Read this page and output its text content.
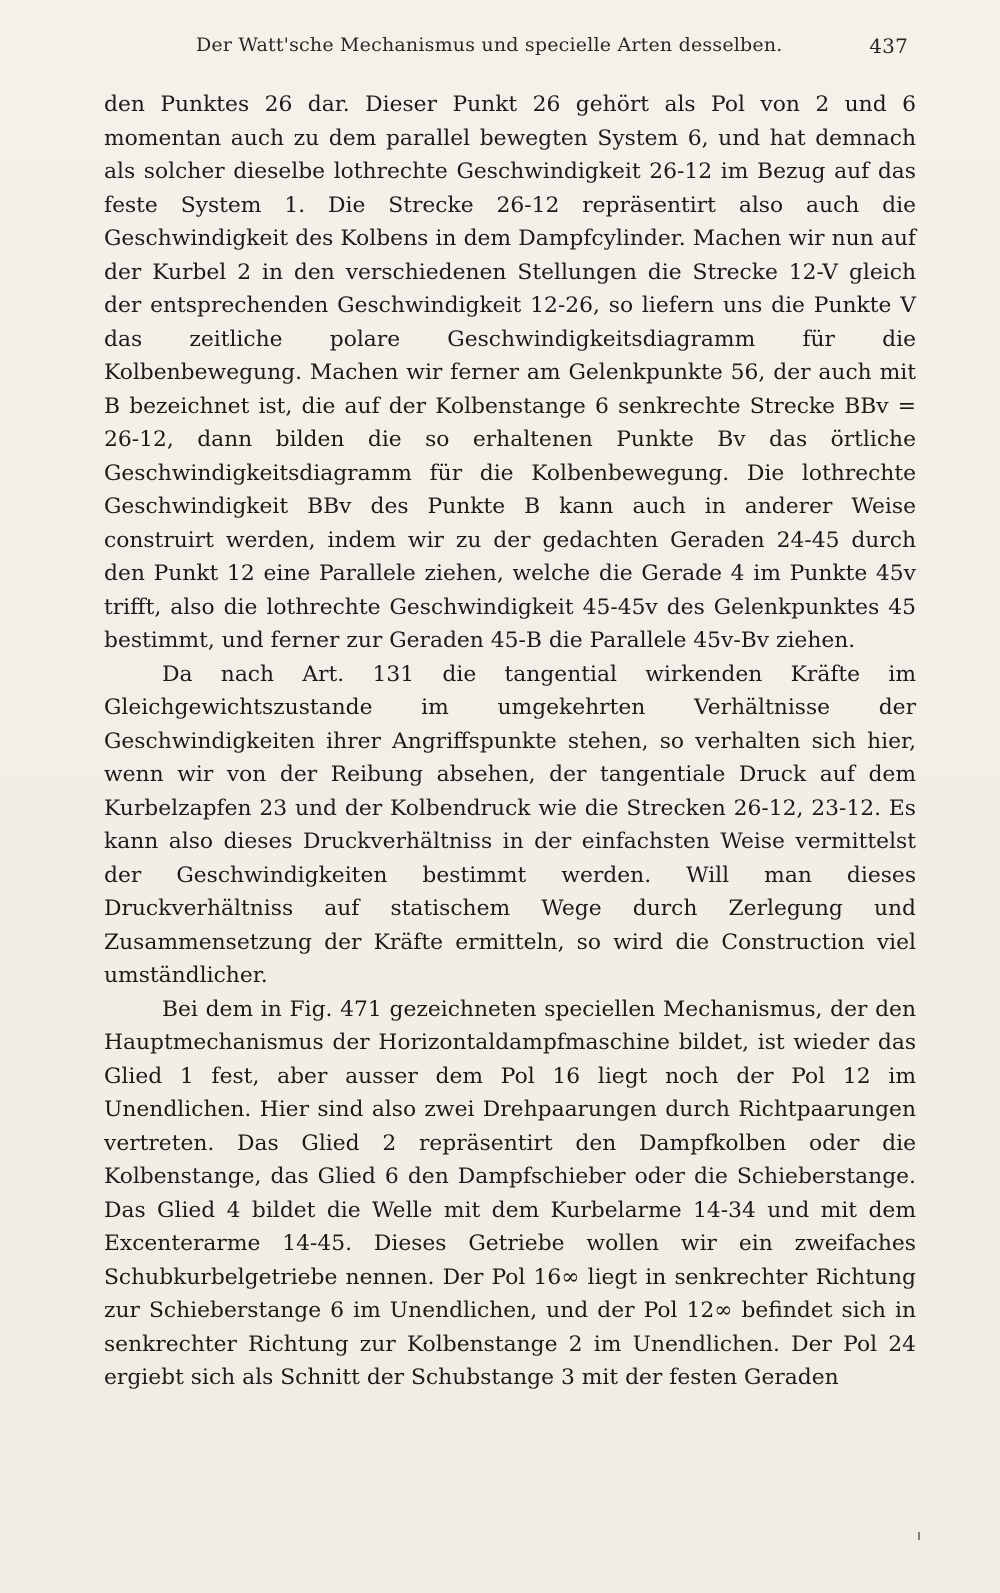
Der Watt'sche Mechanismus und specielle Arten desselben.	437

den Punktes 26 dar. Dieser Punkt 26 gehört als Pol von 2 und 6 momentan auch zu dem parallel bewegten System 6, und hat demnach als solcher dieselbe lothrechte Geschwindigkeit 26-12 im Bezug auf das feste System 1. Die Strecke 26-12 repräsentirt also auch die Geschwindigkeit des Kolbens in dem Dampfcylinder. Machen wir nun auf der Kurbel 2 in den verschiedenen Stellungen die Strecke 12-V gleich der entsprechenden Geschwindigkeit 12-26, so liefern uns die Punkte V das zeitliche polare Geschwindigkeitsdiagramm für die Kolbenbewegung. Machen wir ferner am Gelenkpunkte 56, der auch mit B bezeichnet ist, die auf der Kolbenstange 6 senkrechte Strecke BBv = 26-12, dann bilden die so erhaltenen Punkte Bv das örtliche Geschwindigkeitsdiagramm für die Kolbenbewegung. Die lothrechte Geschwindigkeit BBv des Punkte B kann auch in anderer Weise construirt werden, indem wir zu der gedachten Geraden 24-45 durch den Punkt 12 eine Parallele ziehen, welche die Gerade 4 im Punkte 45v trifft, also die lothrechte Geschwindigkeit 45-45v des Gelenkpunktes 45 bestimmt, und ferner zur Geraden 45-B die Parallele 45v-Bv ziehen.

Da nach Art. 131 die tangential wirkenden Kräfte im Gleichgewichtszustande im umgekehrten Verhältnisse der Geschwindigkeiten ihrer Angriffspunkte stehen, so verhalten sich hier, wenn wir von der Reibung absehen, der tangentiale Druck auf dem Kurbelzapfen 23 und der Kolbendruck wie die Strecken 26-12, 23-12. Es kann also dieses Druckverhältniss in der einfachsten Weise vermittelst der Geschwindigkeiten bestimmt werden. Will man dieses Druckverhältniss auf statischem Wege durch Zerlegung und Zusammensetzung der Kräfte ermitteln, so wird die Construction viel umständlicher.

Bei dem in Fig. 471 gezeichneten speciellen Mechanismus, der den Hauptmechanismus der Horizontaldampfmaschine bildet, ist wieder das Glied 1 fest, aber ausser dem Pol 16 liegt noch der Pol 12 im Unendlichen. Hier sind also zwei Drehpaarungen durch Richtpaarungen vertreten. Das Glied 2 repräsentirt den Dampfkolben oder die Kolbenstange, das Glied 6 den Dampfschieber oder die Schieberstange. Das Glied 4 bildet die Welle mit dem Kurbelarme 14-34 und mit dem Excenterarme 14-45. Dieses Getriebe wollen wir ein zweifaches Schubkurbelgetriebe nennen. Der Pol 16∞ liegt in senkrechter Richtung zur Schieberstange 6 im Unendlichen, und der Pol 12∞ befindet sich in senkrechter Richtung zur Kolbenstange 2 im Unendlichen. Der Pol 24 ergiebt sich als Schnitt der Schubstange 3 mit der festen Geraden
